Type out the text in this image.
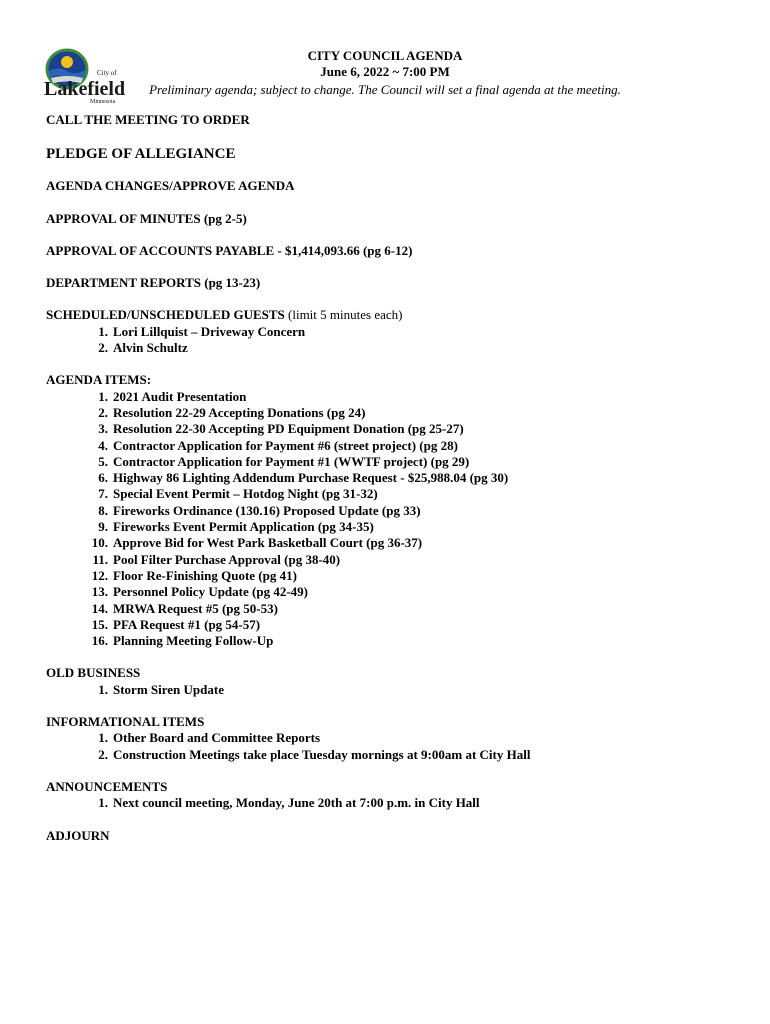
City of
Lakefield
Minnesota
CITY COUNCIL AGENDA
June 6, 2022 ~ 7:00 PM
Preliminary agenda; subject to change. The Council will set a final agenda at the meeting.
CALL THE MEETING TO ORDER
PLEDGE OF ALLEGIANCE
AGENDA CHANGES/APPROVE AGENDA
APPROVAL OF MINUTES (pg 2-5)
APPROVAL OF ACCOUNTS PAYABLE - $1,414,093.66 (pg 6-12)
DEPARTMENT REPORTS (pg 13-23)
SCHEDULED/UNSCHEDULED GUESTS (limit 5 minutes each)
1. Lori Lillquist – Driveway Concern
2. Alvin Schultz
AGENDA ITEMS:
1. 2021 Audit Presentation
2. Resolution 22-29 Accepting Donations (pg 24)
3. Resolution 22-30 Accepting PD Equipment Donation (pg 25-27)
4. Contractor Application for Payment #6 (street project) (pg 28)
5. Contractor Application for Payment #1 (WWTF project) (pg 29)
6. Highway 86 Lighting Addendum Purchase Request - $25,988.04 (pg 30)
7. Special Event Permit – Hotdog Night (pg 31-32)
8. Fireworks Ordinance (130.16) Proposed Update (pg 33)
9. Fireworks Event Permit Application (pg 34-35)
10. Approve Bid for West Park Basketball Court (pg 36-37)
11. Pool Filter Purchase Approval (pg 38-40)
12. Floor Re-Finishing Quote (pg 41)
13. Personnel Policy Update (pg 42-49)
14. MRWA Request #5 (pg 50-53)
15. PFA Request #1 (pg 54-57)
16. Planning Meeting Follow-Up
OLD BUSINESS
1. Storm Siren Update
INFORMATIONAL ITEMS
1. Other Board and Committee Reports
2. Construction Meetings take place Tuesday mornings at 9:00am at City Hall
ANNOUNCEMENTS
1. Next council meeting, Monday, June 20th at 7:00 p.m. in City Hall
ADJOURN
